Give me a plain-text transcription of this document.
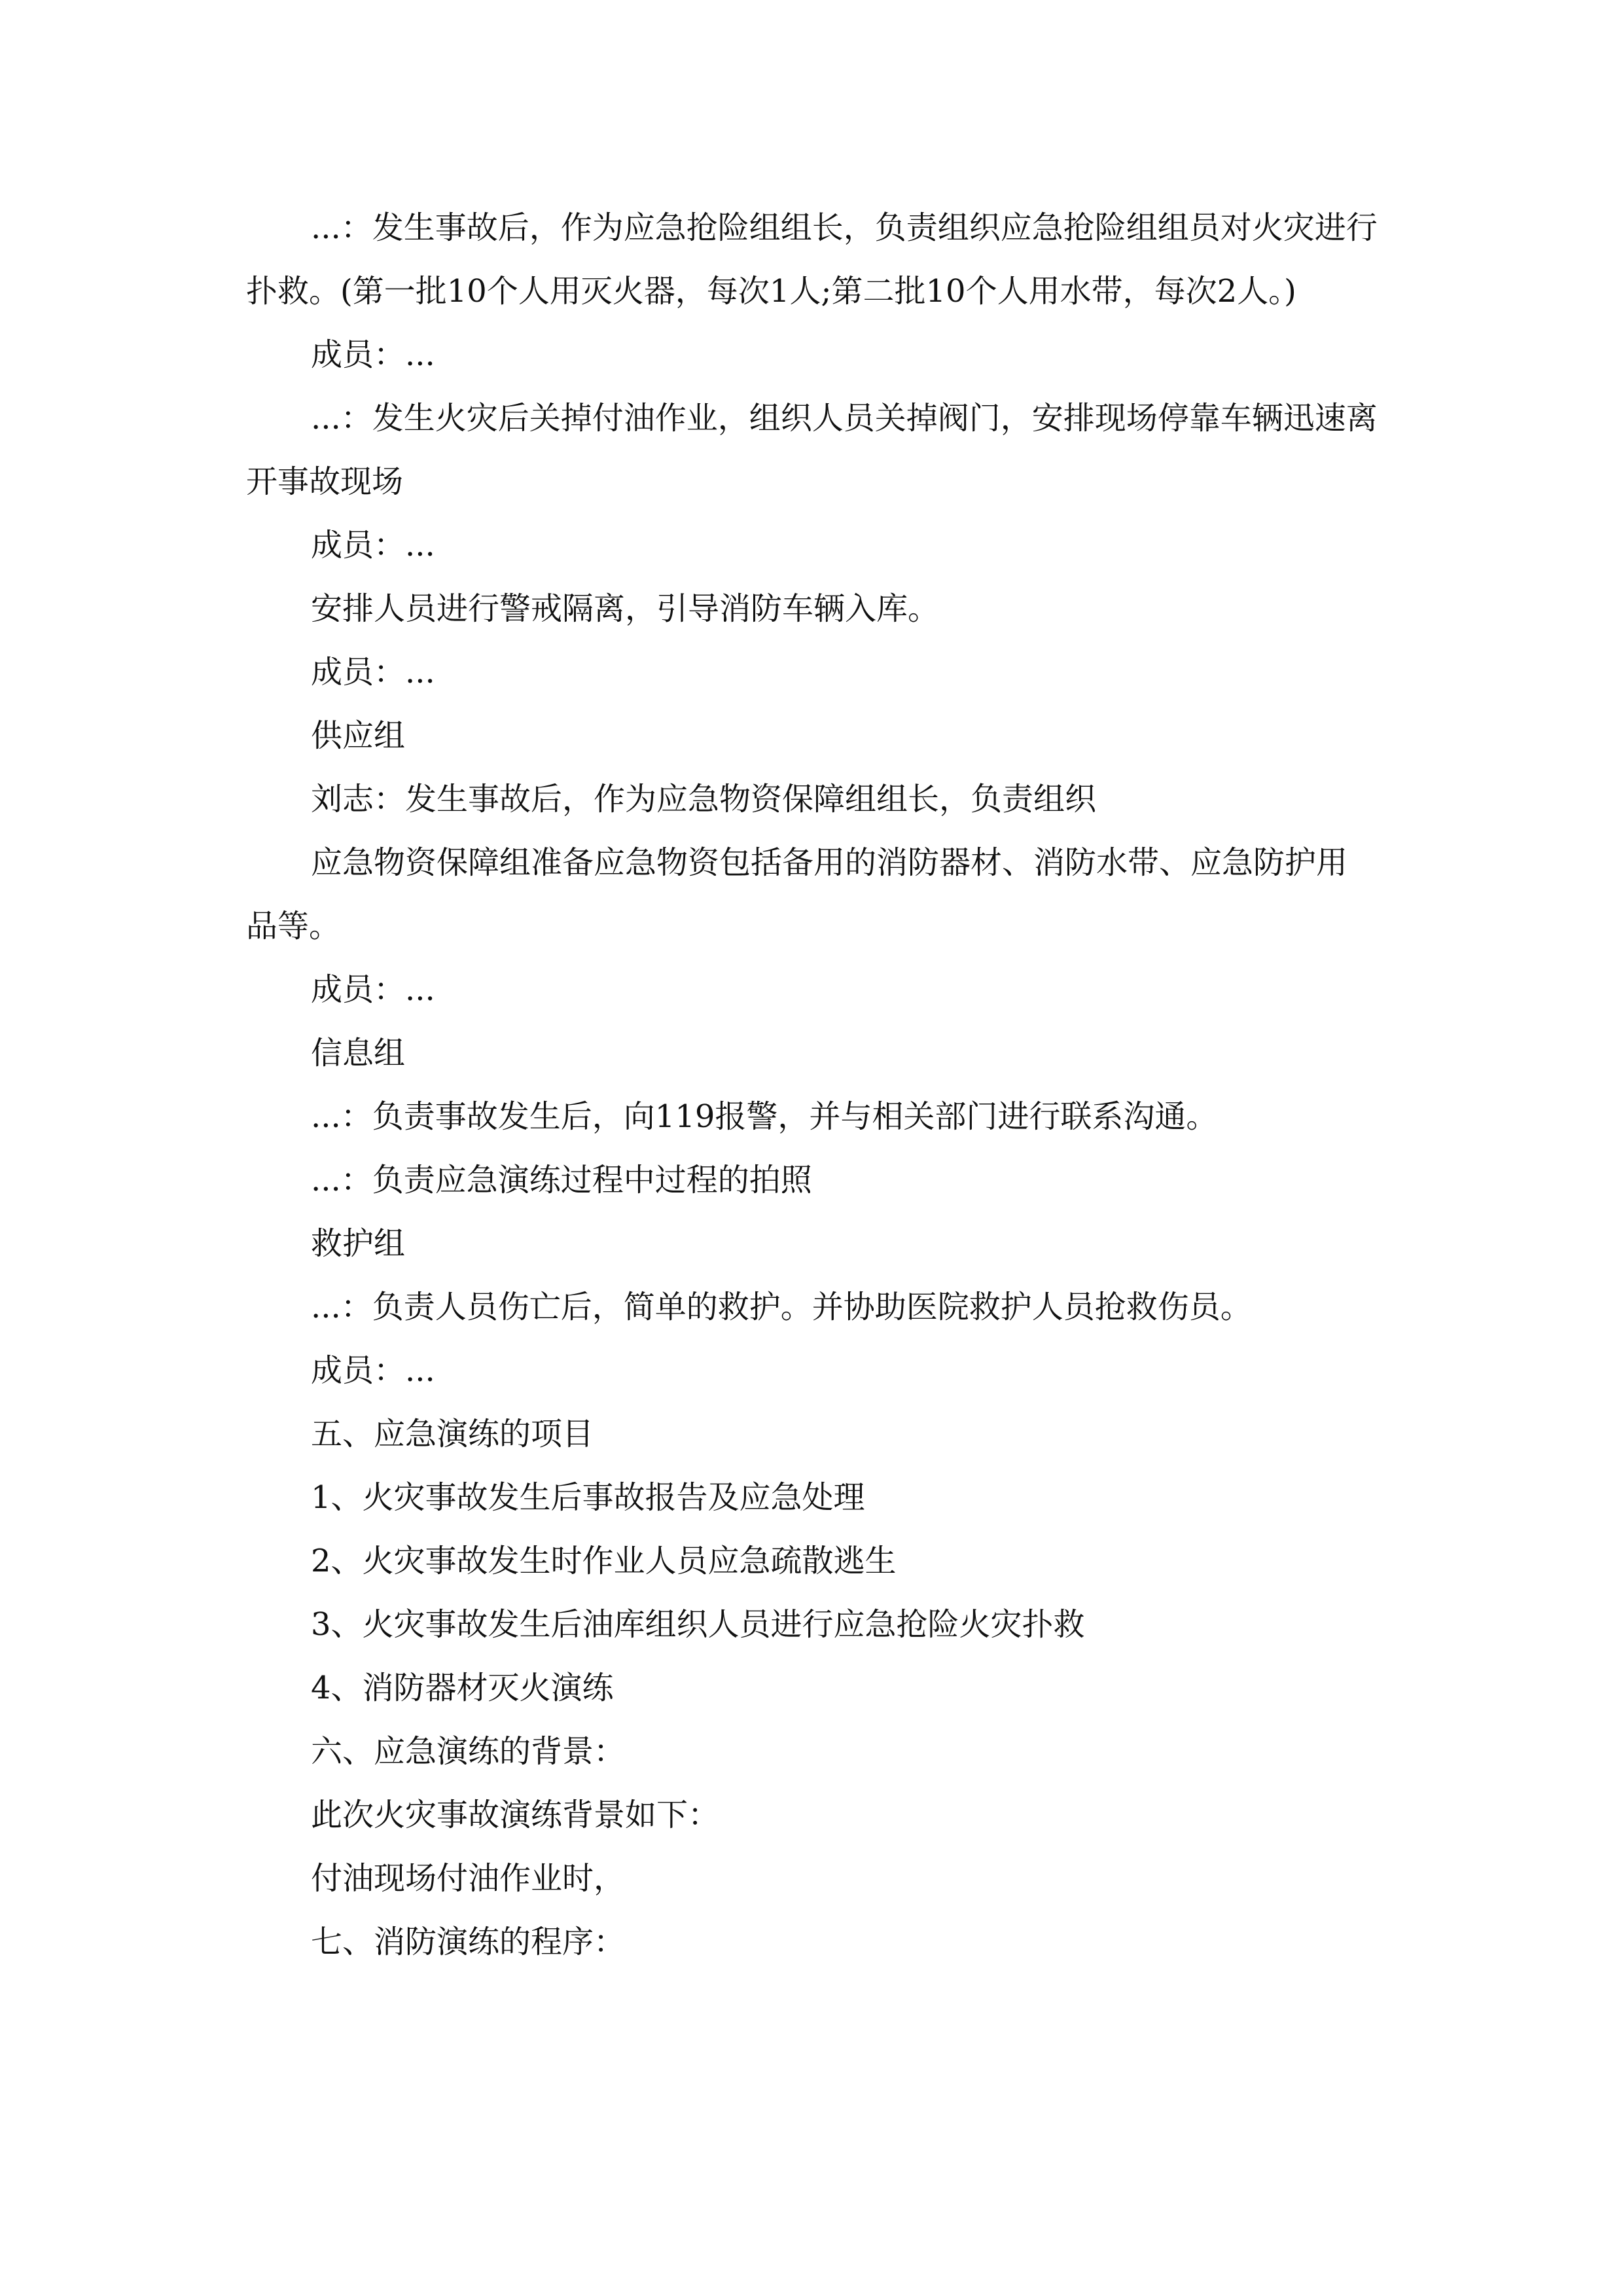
...：发生事故后，作为应急抢险组组长，负责组织应急抢险组组员对火灾进行扑救。(第一批10个人用灭火器，每次1人;第二批10个人用水带，每次2人。)

成员：...

...：发生火灾后关掉付油作业，组织人员关掉阀门，安排现场停靠车辆迅速离开事故现场

成员：...

安排人员进行警戒隔离，引导消防车辆入库。

成员：...

供应组

刘志：发生事故后，作为应急物资保障组组长，负责组织

应急物资保障组准备应急物资包括备用的消防器材、消防水带、应急防护用品等。

成员：...

信息组

...：负责事故发生后，向119报警，并与相关部门进行联系沟通。

...：负责应急演练过程中过程的拍照

救护组

...：负责人员伤亡后，简单的救护。并协助医院救护人员抢救伤员。

成员：...

五、应急演练的项目

1、火灾事故发生后事故报告及应急处理

2、火灾事故发生时作业人员应急疏散逃生

3、火灾事故发生后油库组织人员进行应急抢险火灾扑救

4、消防器材灭火演练

六、应急演练的背景：

此次火灾事故演练背景如下：

付油现场付油作业时，

七、消防演练的程序：
